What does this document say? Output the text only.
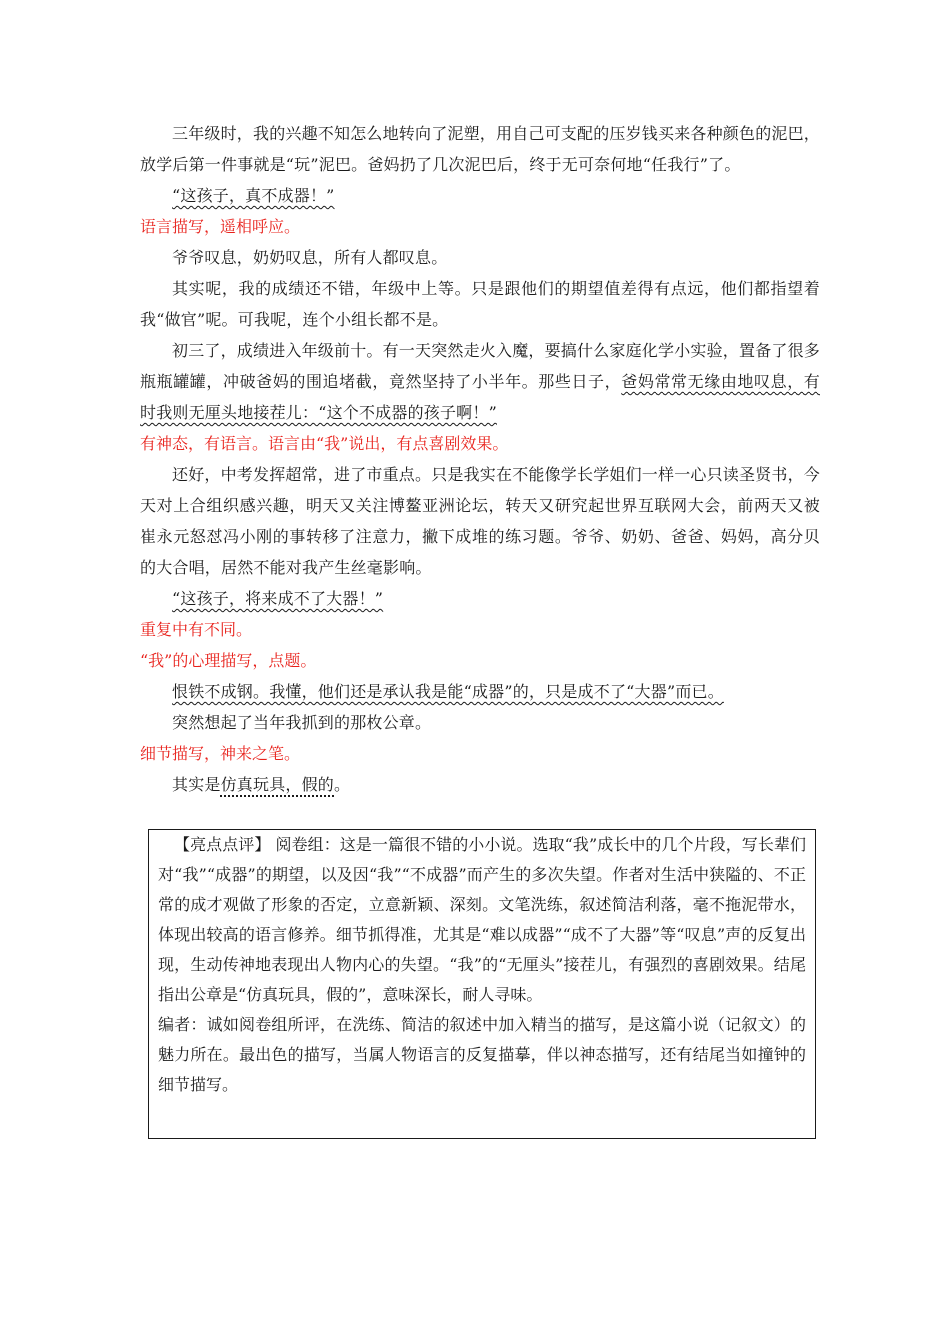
三年级时，我的兴趣不知怎么地转向了泥塑，用自己可支配的压岁钱买来各种颜色的泥巴，放学后第一件事就是“玩”泥巴。爸妈扔了几次泥巴后，终于无可奈何地“任我行”了。

“这孩子，真不成器！”

语言描写，遥相呼应。

爷爷叹息，奶奶叹息，所有人都叹息。

其实呢，我的成绩还不错，年级中上等。只是跟他们的期望值差得有点远，他们都指望着我“做官”呢。可我呢，连个小组长都不是。

初三了，成绩进入年级前十。有一天突然走火入魔，要搞什么家庭化学小实验，置备了很多瓶瓶罐罐，冲破爸妈的围追堵截，竟然坚持了小半年。那些日子，爸妈常常无缘由地叹息，有时我则无厘头地接茬儿：“这个不成器的孩子啊！”

有神态，有语言。语言由“我”说出，有点喜剧效果。

还好，中考发挥超常，进了市重点。只是我实在不能像学长学姐们一样一心只读圣贤书，今天对上合组织感兴趣，明天又关注博鳌亚洲论坛，转天又研究起世界互联网大会，前两天又被崔永元怒怼冯小刚的事转移了注意力，撇下成堆的练习题。爷爷、奶奶、爸爸、妈妈，高分贝的大合唱，居然不能对我产生丝毫影响。

“这孩子，将来成不了大器！”

重复中有不同。

“我”的心理描写，点题。

恨铁不成钢。我懂，他们还是承认我是能“成器”的，只是成不了“大器”而已。

突然想起了当年我抓到的那枚公章。

细节描写，神来之笔。

其实是仿真玩具，假的。

【亮点点评】 阅卷组：这是一篇很不错的小小说。选取“我”成长中的几个片段，写长辈们对“我”“成器”的期望，以及因“我”“不成器”而产生的多次失望。作者对生活中狭隘的、不正常的成才观做了形象的否定，立意新颖、深刻。文笔洗练，叙述简洁利落，毫不拖泥带水，体现出较高的语言修养。细节抓得准，尤其是“难以成器”“成不了大器”等“叹息”声的反复出现，生动传神地表现出人物内心的失望。“我”的“无厘头”接茬儿，有强烈的喜剧效果。结尾指出公章是“仿真玩具，假的”，意味深长，耐人寻味。

编者：诚如阅卷组所评，在洗练、简洁的叙述中加入精当的描写，是这篇小说（记叙文）的魅力所在。最出色的描写，当属人物语言的反复描摹，伴以神态描写，还有结尾当如撞钟的细节描写。
